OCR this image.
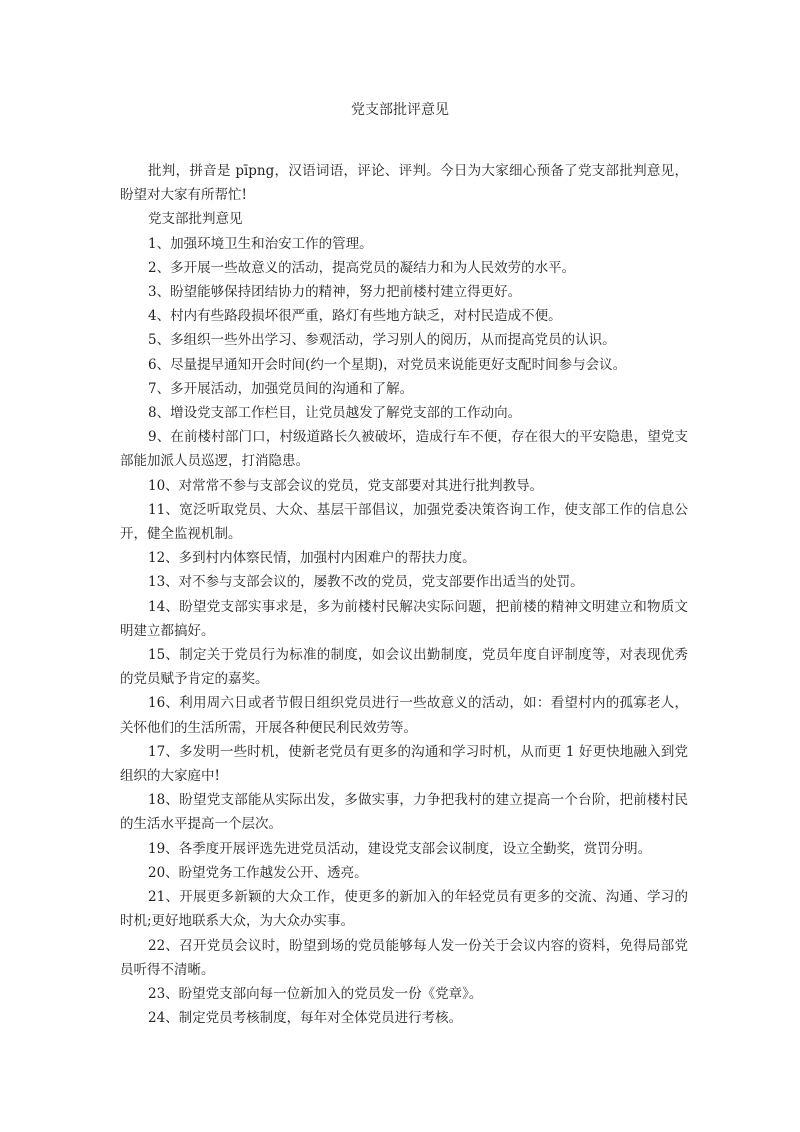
党支部批评意见

批判，拼音是 pīpng，汉语词语，评论、评判。今日为大家细心预备了党支部批判意见，盼望对大家有所帮忙!

党支部批判意见

1、加强环境卫生和治安工作的管理。

2、多开展一些故意义的活动，提高党员的凝结力和为人民效劳的水平。

3、盼望能够保持团结协力的精神，努力把前楼村建立得更好。

4、村内有些路段损坏很严重，路灯有些地方缺乏，对村民造成不便。

5、多组织一些外出学习、参观活动，学习别人的阅历，从而提高党员的认识。

6、尽量提早通知开会时间(约一个星期)，对党员来说能更好支配时间参与会议。

7、多开展活动，加强党员间的沟通和了解。

8、增设党支部工作栏目，让党员越发了解党支部的工作动向。

9、在前楼村部门口，村级道路长久被破坏，造成行车不便，存在很大的平安隐患，望党支部能加派人员巡逻，打消隐患。

10、对常常不参与支部会议的党员，党支部要对其进行批判教导。

11、宽泛听取党员、大众、基层干部倡议，加强党委决策咨询工作，使支部工作的信息公开，健全监视机制。

12、多到村内体察民情，加强村内困难户的帮扶力度。

13、对不参与支部会议的，屡教不改的党员，党支部要作出适当的处罚。

14、盼望党支部实事求是，多为前楼村民解决实际问题，把前楼的精神文明建立和物质文明建立都搞好。

15、制定关于党员行为标准的制度，如会议出勤制度，党员年度自评制度等，对表现优秀的党员赋予肯定的嘉奖。

16、利用周六日或者节假日组织党员进行一些故意义的活动，如：看望村内的孤寡老人，关怀他们的生活所需，开展各种便民利民效劳等。

17、多发明一些时机，使新老党员有更多的沟通和学习时机，从而更 1 好更快地融入到党组织的大家庭中!

18、盼望党支部能从实际出发，多做实事，力争把我村的建立提高一个台阶，把前楼村民的生活水平提高一个层次。

19、各季度开展评选先进党员活动，建设党支部会议制度，设立全勤奖，赏罚分明。

20、盼望党务工作越发公开、透亮。

21、开展更多新颖的大众工作，使更多的新加入的年轻党员有更多的交流、沟通、学习的时机;更好地联系大众，为大众办实事。

22、召开党员会议时，盼望到场的党员能够每人发一份关于会议内容的资料，免得局部党员听得不清晰。

23、盼望党支部向每一位新加入的党员发一份《党章》。

24、制定党员考核制度，每年对全体党员进行考核。
